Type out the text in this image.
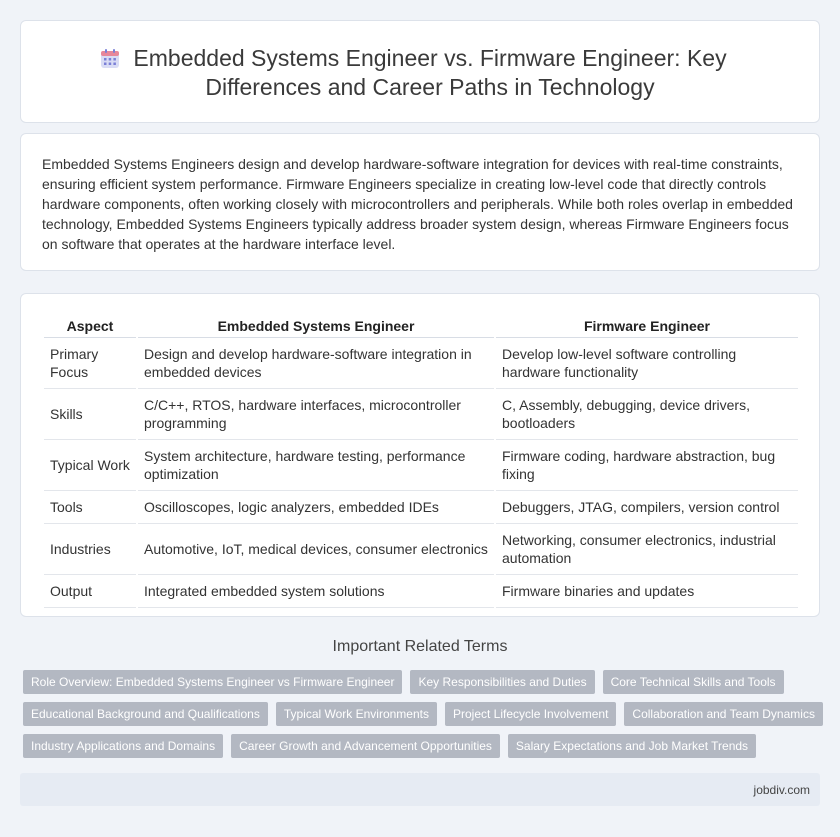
Embedded Systems Engineer vs. Firmware Engineer: Key Differences and Career Paths in Technology

Embedded Systems Engineers design and develop hardware-software integration for devices with real-time constraints, ensuring efficient system performance. Firmware Engineers specialize in creating low-level code that directly controls hardware components, often working closely with microcontrollers and peripherals. While both roles overlap in embedded technology, Embedded Systems Engineers typically address broader system design, whereas Firmware Engineers focus on software that operates at the hardware interface level.

Aspect	Embedded Systems Engineer	Firmware Engineer
Primary Focus	Design and develop hardware-software integration in embedded devices	Develop low-level software controlling hardware functionality
Skills	C/C++, RTOS, hardware interfaces, microcontroller programming	C, Assembly, debugging, device drivers, bootloaders
Typical Work	System architecture, hardware testing, performance optimization	Firmware coding, hardware abstraction, bug fixing
Tools	Oscilloscopes, logic analyzers, embedded IDEs	Debuggers, JTAG, compilers, version control
Industries	Automotive, IoT, medical devices, consumer electronics	Networking, consumer electronics, industrial automation
Output	Integrated embedded system solutions	Firmware binaries and updates
Important Related Terms
Role Overview: Embedded Systems Engineer vs Firmware Engineer	Key Responsibilities and Duties	Core Technical Skills and Tools
Educational Background and Qualifications	Typical Work Environments	Project Lifecycle Involvement	Collaboration and Team Dynamics
Industry Applications and Domains	Career Growth and Advancement Opportunities	Salary Expectations and Job Market Trends
jobdiv.com
